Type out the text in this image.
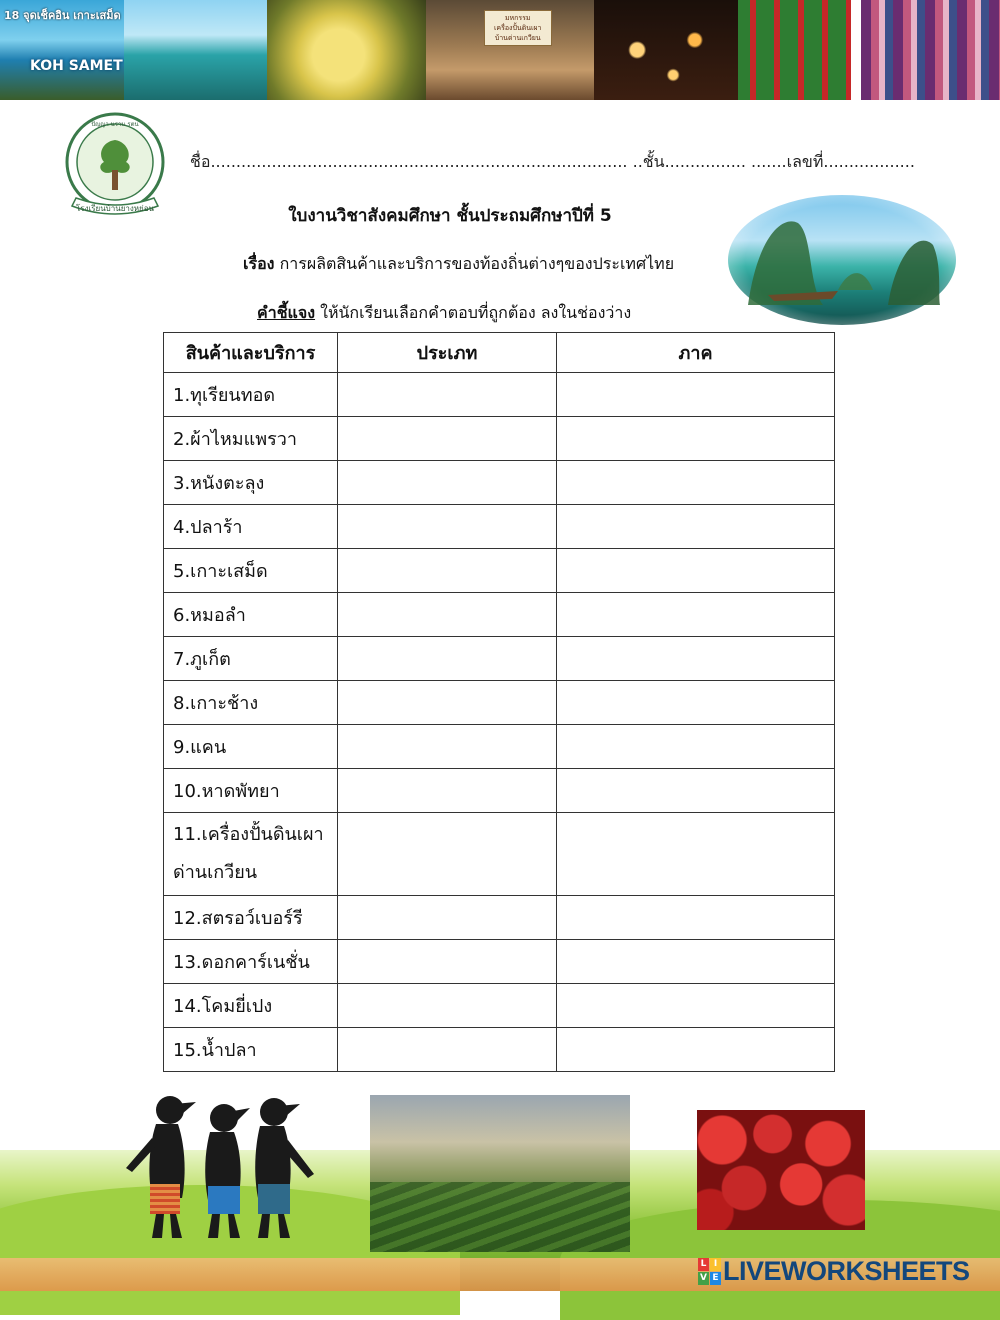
18 จุดเช็คอิน เกาะเสม็ด
KOH SAMET
มหกรรม เครื่องปั้นดินเผา บ้านด่านเกวียน
ปัญญา นราน รตน
โรงเรียนบ้านยางหย่อน
ชื่อ.................................................................................. ..ชั้น................ .......เลขที่..................
ใบงานวิชาสังคมศึกษา ชั้นประถมศึกษาปีที่ 5
เรื่อง การผลิตสินค้าและบริการของท้องถิ่นต่างๆของประเทศไทย
คำชี้แจง ให้นักเรียนเลือกคำตอบที่ถูกต้อง ลงในช่องว่าง
สินค้าและบริการ	ประเภท	ภาค
1.ทุเรียนทอด		
2.ผ้าไหมแพรวา		
3.หนังตะลุง		
4.ปลาร้า		
5.เกาะเสม็ด		
6.หมอลำ		
7.ภูเก็ต		
8.เกาะช้าง		
9.แคน		
10.หาดพัทยา		
11.เครื่องปั้นดินเผาด่านเกวียน		
12.สตรอว์เบอร์รี		
13.ดอกคาร์เนชั่น		
14.โคมยี่เปง		
15.น้ำปลา		
L I
V E LIVEWORKSHEETS
